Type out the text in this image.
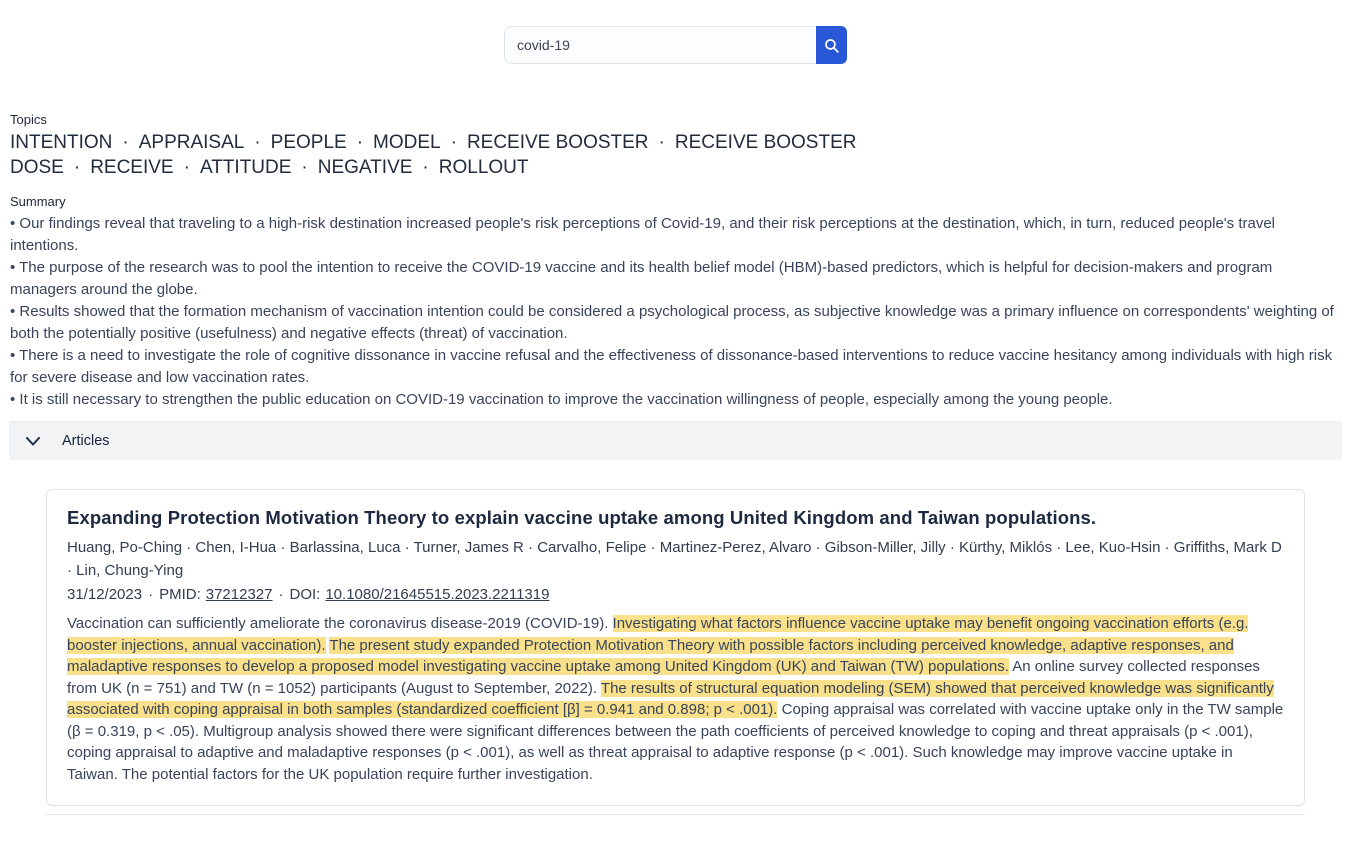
covid-19
Topics
INTENTION · APPRAISAL · PEOPLE · MODEL · RECEIVE BOOSTER · RECEIVE BOOSTER DOSE · RECEIVE · ATTITUDE · NEGATIVE · ROLLOUT
Summary
• Our findings reveal that traveling to a high-risk destination increased people's risk perceptions of Covid-19, and their risk perceptions at the destination, which, in turn, reduced people's travel intentions.
• The purpose of the research was to pool the intention to receive the COVID-19 vaccine and its health belief model (HBM)-based predictors, which is helpful for decision-makers and program managers around the globe.
• Results showed that the formation mechanism of vaccination intention could be considered a psychological process, as subjective knowledge was a primary influence on correspondents' weighting of both the potentially positive (usefulness) and negative effects (threat) of vaccination.
• There is a need to investigate the role of cognitive dissonance in vaccine refusal and the effectiveness of dissonance-based interventions to reduce vaccine hesitancy among individuals with high risk for severe disease and low vaccination rates.
• It is still necessary to strengthen the public education on COVID-19 vaccination to improve the vaccination willingness of people, especially among the young people.
Articles
Expanding Protection Motivation Theory to explain vaccine uptake among United Kingdom and Taiwan populations.
Huang, Po-Ching · Chen, I-Hua · Barlassina, Luca · Turner, James R · Carvalho, Felipe · Martinez-Perez, Alvaro · Gibson-Miller, Jilly · Kürthy, Miklós · Lee, Kuo-Hsin · Griffiths, Mark D · Lin, Chung-Ying
31/12/2023 · PMID: 37212327 · DOI: 10.1080/21645515.2023.2211319
Vaccination can sufficiently ameliorate the coronavirus disease-2019 (COVID-19). Investigating what factors influence vaccine uptake may benefit ongoing vaccination efforts (e.g. booster injections, annual vaccination). The present study expanded Protection Motivation Theory with possible factors including perceived knowledge, adaptive responses, and maladaptive responses to develop a proposed model investigating vaccine uptake among United Kingdom (UK) and Taiwan (TW) populations. An online survey collected responses from UK (n = 751) and TW (n = 1052) participants (August to September, 2022). The results of structural equation modeling (SEM) showed that perceived knowledge was significantly associated with coping appraisal in both samples (standardized coefficient [β] = 0.941 and 0.898; p < .001). Coping appraisal was correlated with vaccine uptake only in the TW sample (β = 0.319, p < .05). Multigroup analysis showed there were significant differences between the path coefficients of perceived knowledge to coping and threat appraisals (p < .001), coping appraisal to adaptive and maladaptive responses (p < .001), as well as threat appraisal to adaptive response (p < .001). Such knowledge may improve vaccine uptake in Taiwan. The potential factors for the UK population require further investigation.
